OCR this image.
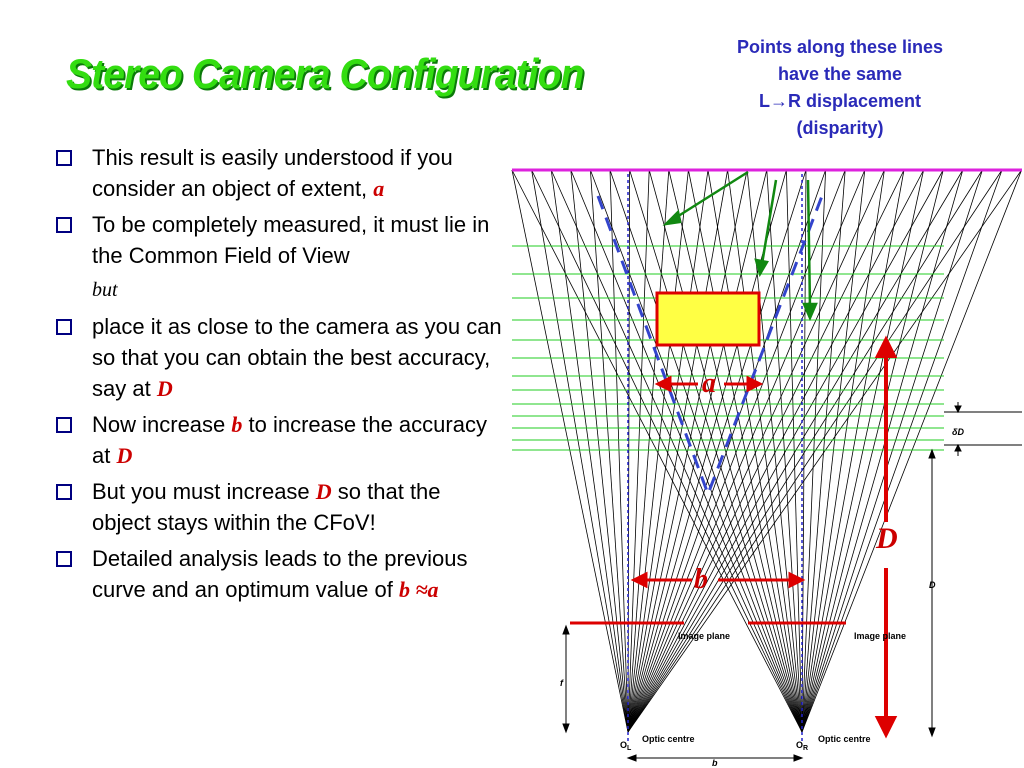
Stereo Camera Configuration
Points along these lines
have the same
L→R displacement
(disparity)
This result is easily understood if you consider an object of extent, a
To be completely measured, it must lie in the Common Field of View
but
place it as close to the camera as you can so that you can obtain the best accuracy, say at D
Now increase b to increase the accuracy at D
But you must increase D so that the object stays within the CFoV!
Detailed analysis leads to the previous curve and an optimum value of b ≈a
a
D
b
δD
D
Image plane	Image plane
f
Optic centre	Optic centre
$O_L$	$O_R$
b
